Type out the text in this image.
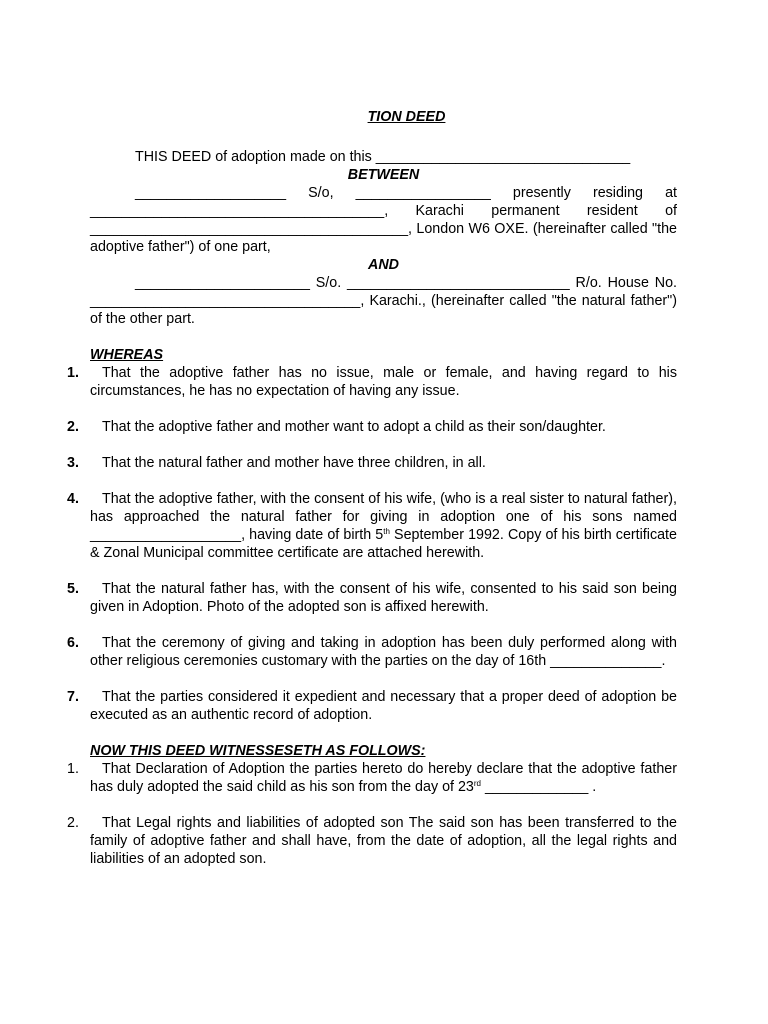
TION DEED

THIS DEED of adoption made on this ________________________________

BETWEEN

___________________ S/o, _________________ presently residing at _____________________________________, Karachi permanent resident of ________________________________________, London W6 OXE. (hereinafter called "the adoptive father") of one part,

AND

______________________ S/o. ____________________________ R/o. House No. __________________________________, Karachi., (hereinafter called "the natural father") of the other part.

WHEREAS

1.	That the adoptive father has no issue, male or female, and having regard to his circumstances, he has no expectation of having any issue.

2.	That the adoptive father and mother want to adopt a child as their son/daughter.

3.	That the natural father and mother have three children, in all.

4.	That the adoptive father, with the consent of his wife, (who is a real sister to natural father), has approached the natural father for giving in adoption one of his sons named ___________________, having date of birth 5th September 1992. Copy of his birth certificate & Zonal Municipal committee certificate are attached herewith.

5.	That the natural father has, with the consent of his wife, consented to his said son being given in Adoption. Photo of the adopted son is affixed herewith.

6.	That the ceremony of giving and taking in adoption has been duly performed along with other religious ceremonies customary with the parties on the day of 16th ______________.

7.	That the parties considered it expedient and necessary that a proper deed of adoption be executed as an authentic record of adoption.

NOW THIS DEED WITNESSESETH AS FOLLOWS:

1.	That Declaration of Adoption the parties hereto do hereby declare that the adoptive father has duly adopted the said child as his son from the day of 23rd _____________ .

2.	That Legal rights and liabilities of adopted son The said son has been transferred to the family of adoptive father and shall have, from the date of adoption, all the legal rights and liabilities of an adopted son.
